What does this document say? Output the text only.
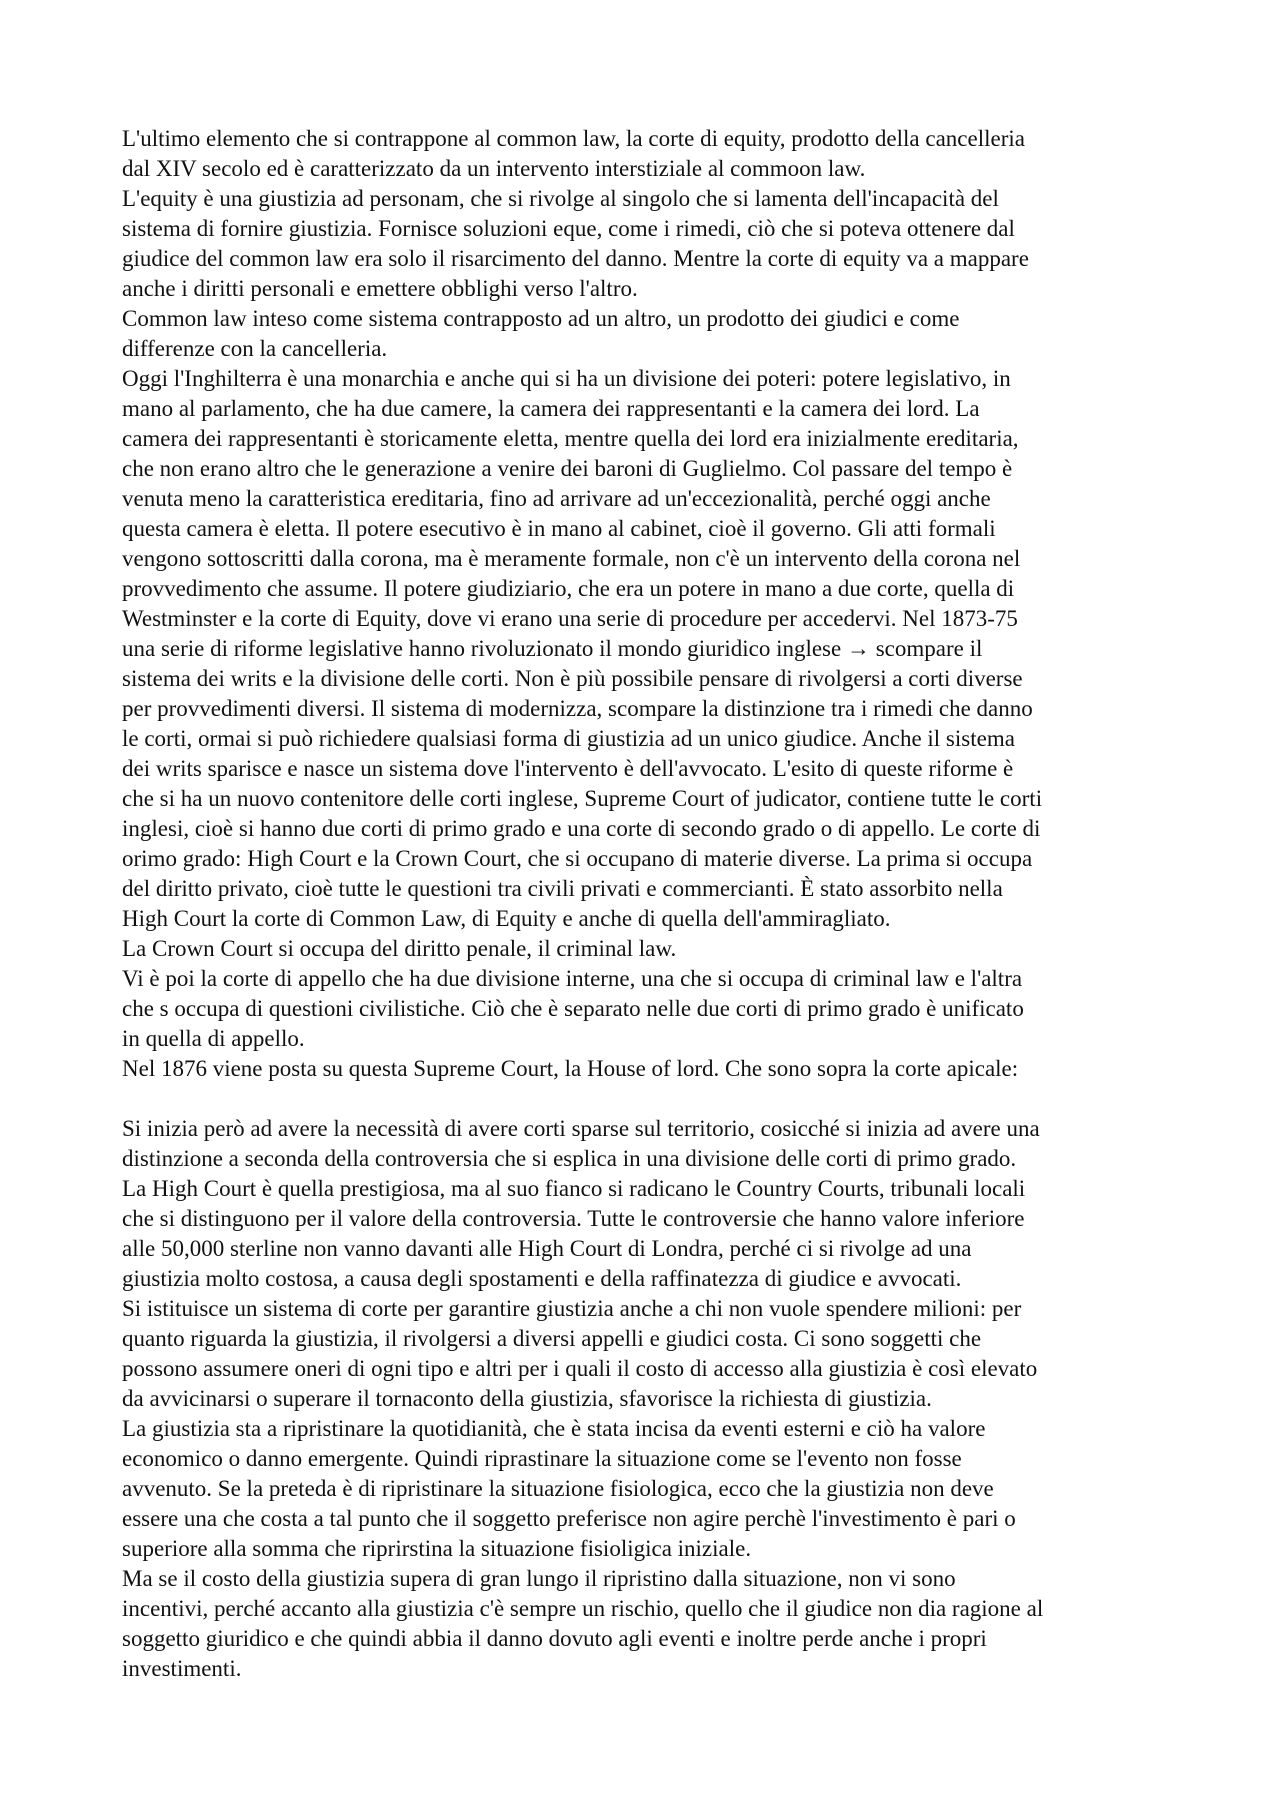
L'ultimo elemento che si contrappone al common law, la corte di equity, prodotto della cancelleria
dal XIV secolo ed è caratterizzato da un intervento interstiziale al commoon law.
L'equity è una giustizia ad personam, che si rivolge al singolo che si lamenta dell'incapacità del
sistema di fornire giustizia. Fornisce soluzioni eque, come i rimedi, ciò che si poteva ottenere dal
giudice del common law era solo il risarcimento del danno. Mentre la corte di equity va a mappare
anche i diritti personali e emettere obblighi verso l'altro.
Common law inteso come sistema contrapposto ad un altro, un prodotto dei giudici e come
differenze con la cancelleria.
Oggi l'Inghilterra è una monarchia e anche qui si ha un divisione dei poteri: potere legislativo, in
mano al parlamento, che ha due camere, la camera dei rappresentanti e la camera dei lord. La
camera dei rappresentanti è storicamente eletta, mentre quella dei lord era inizialmente ereditaria,
che non erano altro che le generazione a venire dei baroni di Guglielmo. Col passare del tempo è
venuta meno la caratteristica ereditaria, fino ad arrivare ad un'eccezionalità, perché oggi anche
questa camera è eletta. Il potere esecutivo è in mano al cabinet, cioè il governo. Gli atti formali
vengono sottoscritti dalla corona, ma è meramente formale, non c'è un intervento della corona nel
provvedimento che assume. Il potere giudiziario, che era un potere in mano a due corte, quella di
Westminster e la corte di Equity, dove vi erano una serie di procedure per accedervi. Nel 1873-75
una serie di riforme legislative hanno rivoluzionato il mondo giuridico inglese → scompare il
sistema dei writs e la divisione delle corti. Non è più possibile pensare di rivolgersi a corti diverse
per provvedimenti diversi. Il sistema di modernizza, scompare la distinzione tra i rimedi che danno
le corti, ormai si può richiedere qualsiasi forma di giustizia ad un unico giudice. Anche il sistema
dei writs sparisce e nasce un sistema dove l'intervento è dell'avvocato. L'esito di queste riforme è
che si ha un nuovo contenitore delle corti inglese, Supreme Court of judicator, contiene tutte le corti
inglesi, cioè si hanno due corti di primo grado e una corte di secondo grado o di appello. Le corte di
orimo grado: High Court e la Crown Court, che si occupano di materie diverse. La prima si occupa
del diritto privato, cioè tutte le questioni tra civili privati e commercianti. È stato assorbito nella
High Court la corte di Common Law, di Equity e anche di quella dell'ammiragliato.
La Crown Court si occupa del diritto penale, il criminal law.
Vi è poi la corte di appello che ha due divisione interne, una che si occupa di criminal law e l'altra
che s occupa di questioni civilistiche. Ciò che è separato nelle due corti di primo grado è unificato
in quella di appello.
Nel 1876 viene posta su questa Supreme Court, la House of lord. Che sono sopra la corte apicale:
Si inizia però ad avere la necessità di avere corti sparse sul territorio, cosicché si inizia ad avere una
distinzione a seconda della controversia che si esplica in una divisione delle corti di primo grado.
La High Court è quella prestigiosa, ma al suo fianco si radicano le Country Courts, tribunali locali
che si distinguono per il valore della controversia. Tutte le controversie che hanno valore inferiore
alle 50,000 sterline non vanno davanti alle High Court di Londra, perché ci si rivolge ad una
giustizia molto costosa, a causa degli spostamenti e della raffinatezza di giudice e avvocati.
Si istituisce un sistema di corte per garantire giustizia anche a chi non vuole spendere milioni: per
quanto riguarda la giustizia, il rivolgersi a diversi appelli e giudici costa. Ci sono soggetti che
possono assumere oneri di ogni tipo e altri per i quali il costo di accesso alla giustizia è così elevato
da avvicinarsi o superare il tornaconto della giustizia, sfavorisce la richiesta di giustizia.
La giustizia sta a ripristinare la quotidianità, che è stata incisa da eventi esterni e ciò ha valore
economico o danno emergente. Quindi riprastinare la situazione come se l'evento non fosse
avvenuto. Se la preteda è di ripristinare la situazione fisiologica, ecco che la giustizia non deve
essere una che costa a tal punto che il soggetto preferisce non agire perchè l'investimento è pari o
superiore alla somma che riprirstina la situazione fisioligica iniziale.
Ma se il costo della giustizia supera di gran lungo il ripristino dalla situazione, non vi sono
incentivi, perché accanto alla giustizia c'è sempre un rischio, quello che il giudice non dia ragione al
soggetto giuridico e che quindi abbia il danno dovuto agli eventi e inoltre perde anche i propri
investimenti.
